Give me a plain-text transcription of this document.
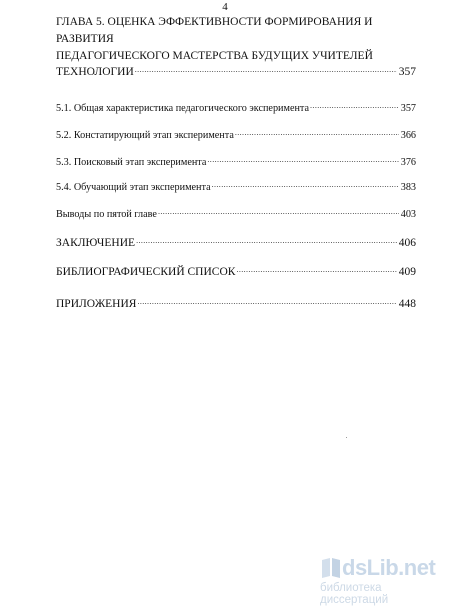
4
ГЛАВА 5. ОЦЕНКА ЭФФЕКТИВНОСТИ ФОРМИРОВАНИЯ И РАЗВИТИЯ
ПЕДАГОГИЧЕСКОГО МАСТЕРСТВА БУДУЩИХ УЧИТЕЛЕЙ
ТЕХНОЛОГИИ .....	357
5.1. Общая характеристика педагогического эксперимента .....	357
5.2. Констатирующий этап эксперимента .....	366
5.3. Поисковый этап эксперимента .....	376
5.4. Обучающий этап эксперимента .....	383
Выводы по пятой главе .....	403
ЗАКЛЮЧЕНИЕ .....	406
БИБЛИОГРАФИЧЕСКИЙ СПИСОК .....	409
ПРИЛОЖЕНИЯ .....	448
dsLib.net
библиотека диссертаций
